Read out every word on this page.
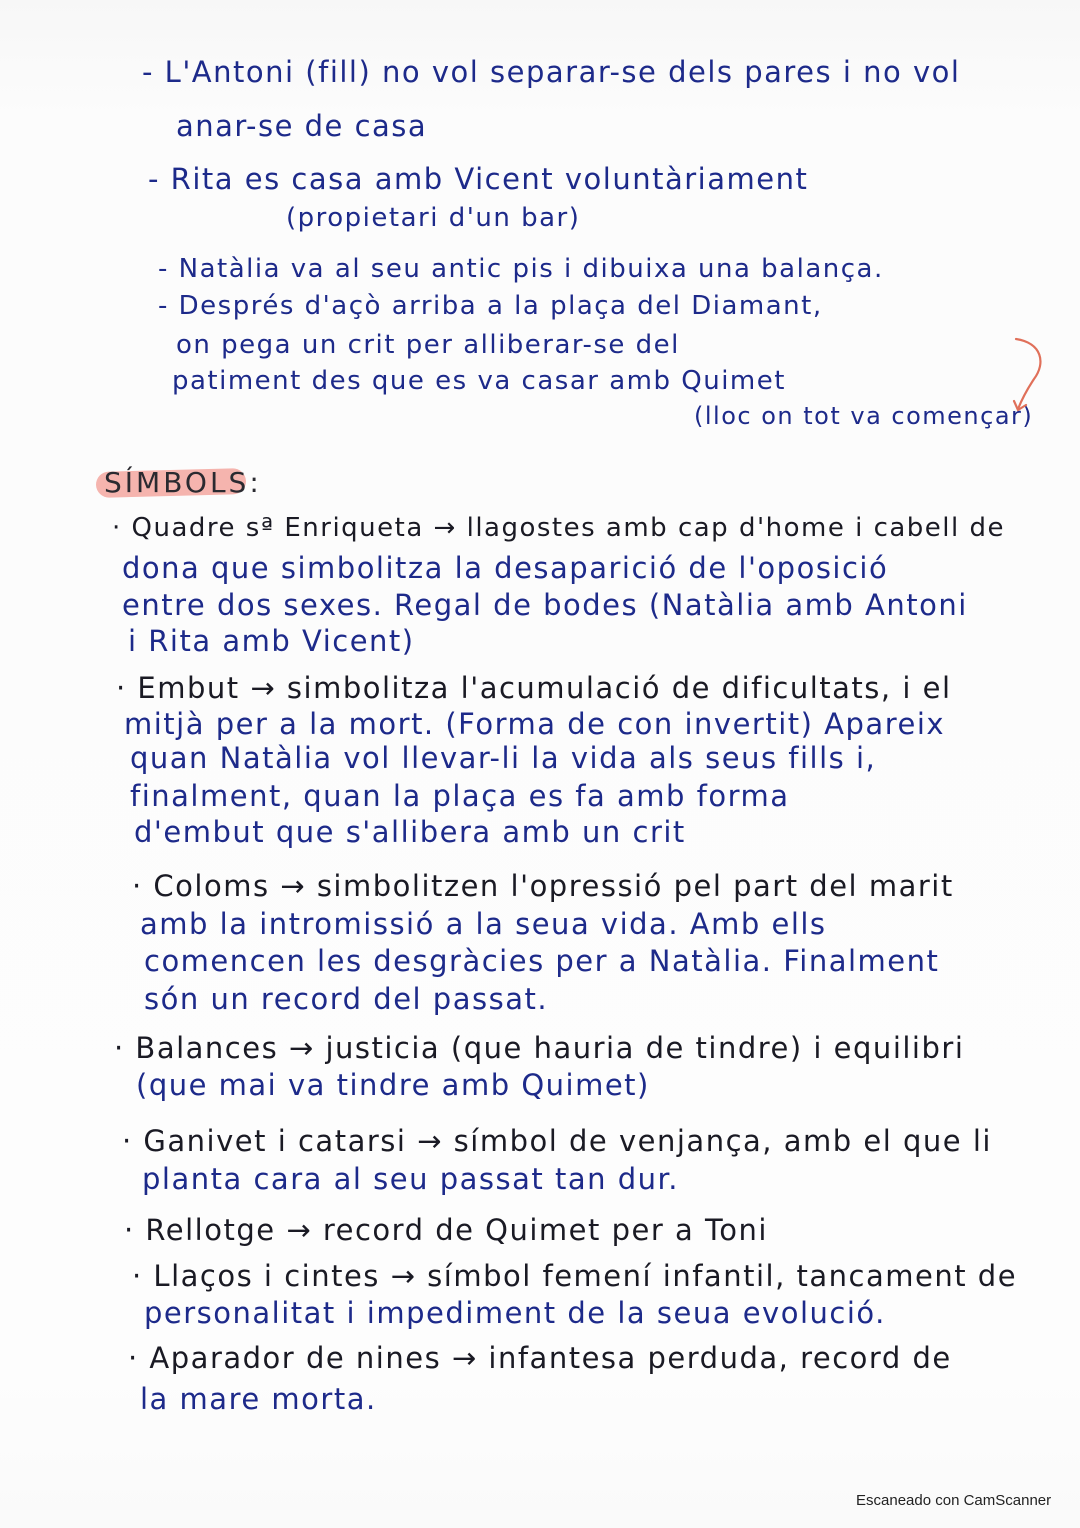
- L'Antoni (fill) no vol separar-se dels pares i no vol
anar-se de casa
- Rita es casa amb Vicent voluntàriament
(propietari d'un bar)
- Natàlia va al seu antic pis i dibuixa una balança.
- Després d'açò arriba a la plaça del Diamant,
on pega un crit per alliberar-se del
patiment des que es va casar amb Quimet
(lloc on tot va començar)
SÍMBOLS:
· Quadre sª Enriqueta → llagostes amb cap d'home i cabell de
dona que simbolitza la desaparició de l'oposició
entre dos sexes. Regal de bodes (Natàlia amb Antoni
i Rita amb Vicent)
· Embut → simbolitza l'acumulació de dificultats, i el
mitjà per a la mort. (Forma de con invertit) Apareix
quan Natàlia vol llevar-li la vida als seus fills i,
finalment, quan la plaça es fa amb forma
d'embut que s'allibera amb un crit
· Coloms → simbolitzen l'opressió pel part del marit
amb la intromissió a la seua vida. Amb ells
comencen les desgràcies per a Natàlia. Finalment
són un record del passat.
· Balances → justicia (que hauria de tindre) i equilibri
(que mai va tindre amb Quimet)
· Ganivet i catarsi → símbol de venjança, amb el que li
planta cara al seu passat tan dur.
· Rellotge → record de Quimet per a Toni
· Llaços i cintes → símbol femení infantil, tancament de
personalitat i impediment de la seua evolució.
· Aparador de nines → infantesa perduda, record de
la mare morta.
Escaneado con CamScanner
